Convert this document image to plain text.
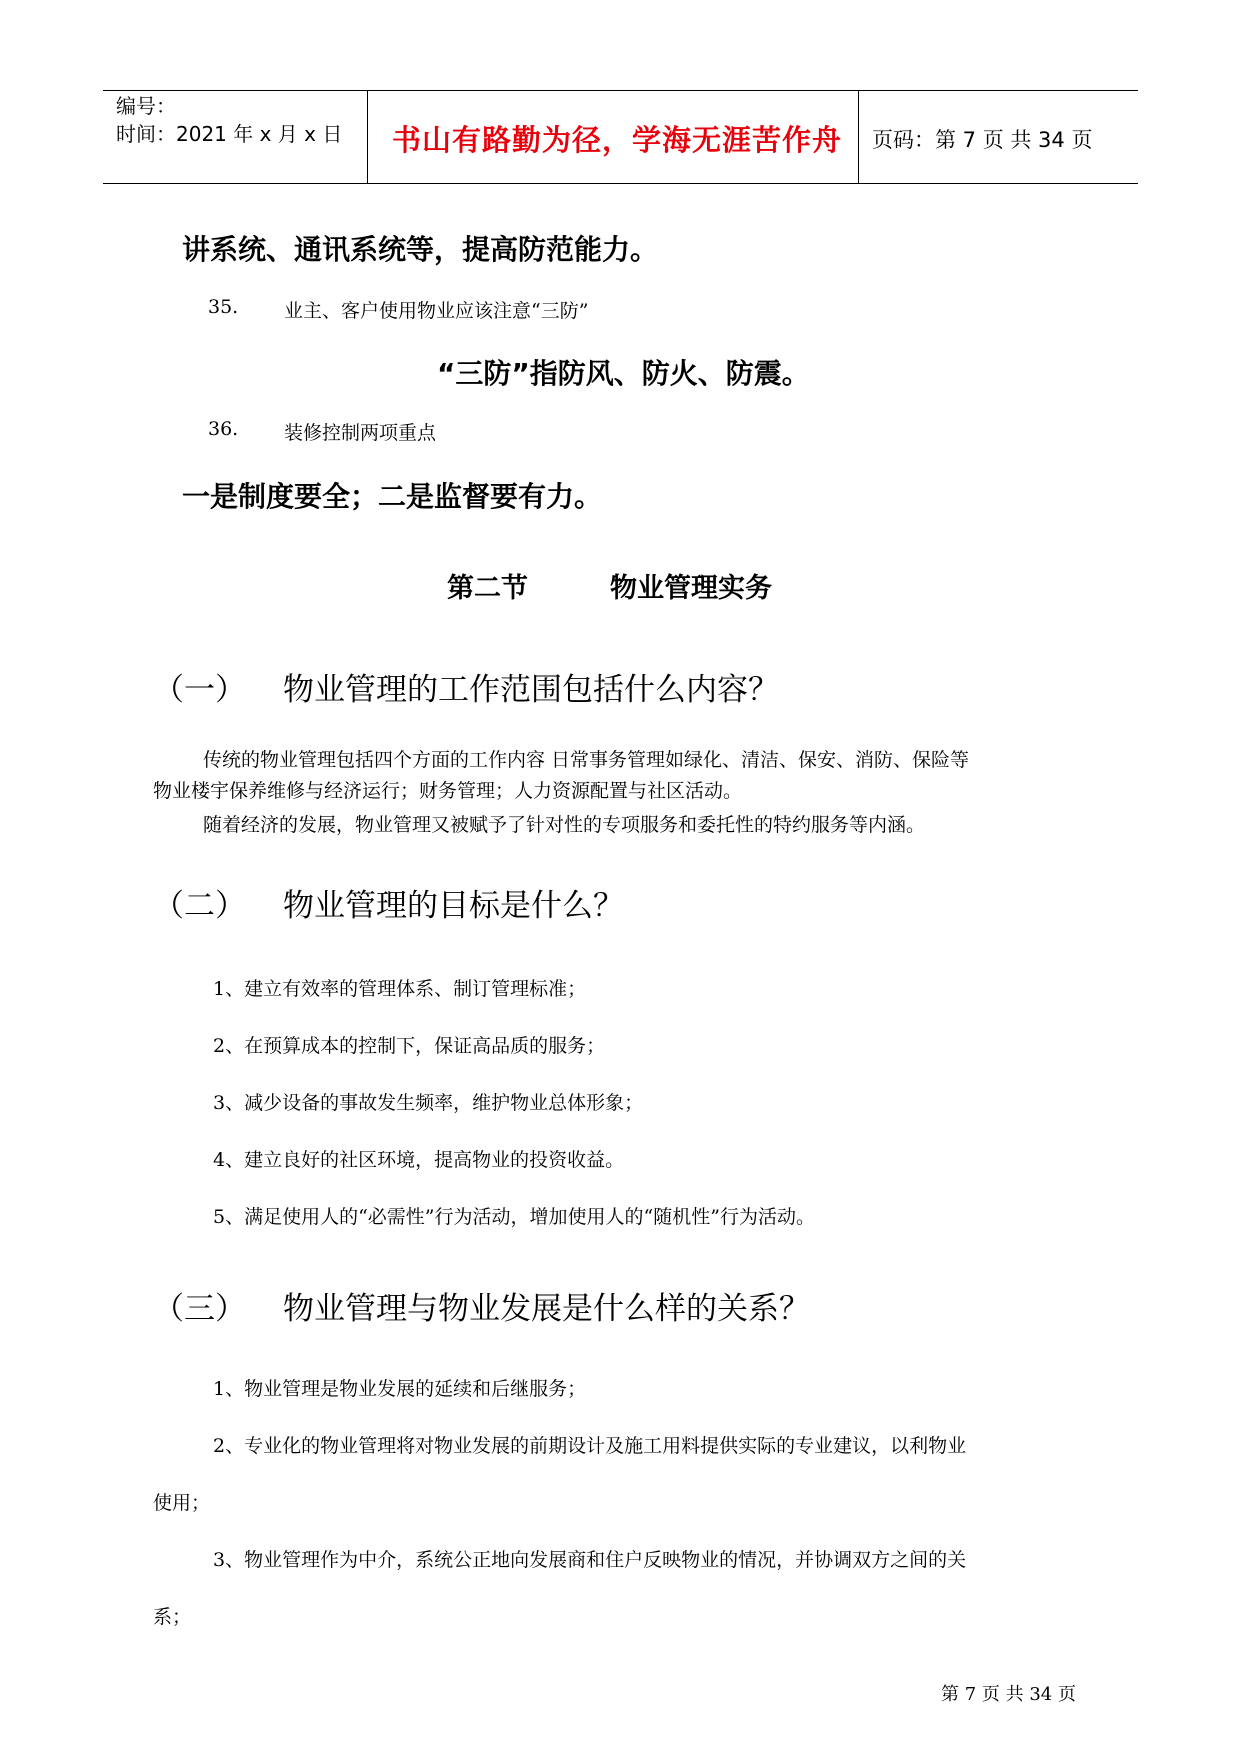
编号：
时间：2021 年 x 月 x 日 书山有路勤为径，学海无涯苦作舟 页码：第 7 页 共 34 页
讲系统、通讯系统等，提高防范能力。
35. 业主、客户使用物业应该注意“三防”
“三防”指防风、防火、防震。
36. 装修控制两项重点
一是制度要全；二是监督要有力。
第二节	物业管理实务
（一） 物业管理的工作范围包括什么内容？
传统的物业管理包括四个方面的工作内容 日常事务管理如绿化、清洁、保安、消防、保险等
物业楼宇保养维修与经济运行；财务管理；人力资源配置与社区活动。
随着经济的发展，物业管理又被赋予了针对性的专项服务和委托性的特约服务等内涵。
（二） 物业管理的目标是什么？
1、建立有效率的管理体系、制订管理标准；
2、在预算成本的控制下，保证高品质的服务；
3、减少设备的事故发生频率，维护物业总体形象；
4、建立良好的社区环境，提高物业的投资收益。
5、满足使用人的“必需性”行为活动，增加使用人的“随机性”行为活动。
（三） 物业管理与物业发展是什么样的关系？
1、物业管理是物业发展的延续和后继服务；
2、专业化的物业管理将对物业发展的前期设计及施工用料提供实际的专业建议，以利物业
使用；
3、物业管理作为中介，系统公正地向发展商和住户反映物业的情况，并协调双方之间的关
系；
第 7 页 共 34 页
